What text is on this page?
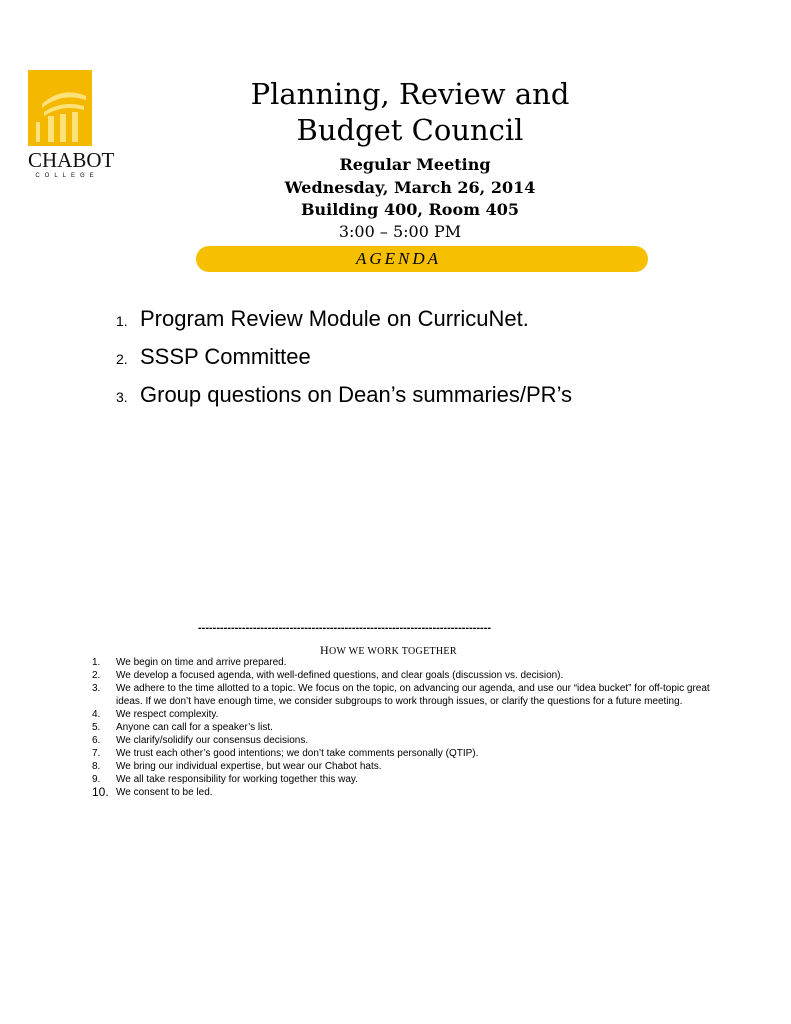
CHABOT
COLLEGE
Planning, Review and
Budget Council
Regular Meeting
Wednesday, March 26, 2014
Building 400, Room 405
3:00 – 5:00 PM
AGENDA
1. Program Review Module on CurricuNet.
2. SSSP Committee
3. Group questions on Dean’s summaries/PR’s
--------------------------------------------------------------------------------
HOW WE WORK TOGETHER
1. We begin on time and arrive prepared.
2. We develop a focused agenda, with well-defined questions, and clear goals (discussion vs. decision).
3. We adhere to the time allotted to a topic. We focus on the topic, on advancing our agenda, and use our “idea bucket” for off-topic great ideas. If we don’t have enough time, we consider subgroups to work through issues, or clarify the questions for a future meeting.
4. We respect complexity.
5. Anyone can call for a speaker’s list.
6. We clarify/solidify our consensus decisions.
7. We trust each other’s good intentions; we don’t take comments personally (QTIP).
8. We bring our individual expertise, but wear our Chabot hats.
9. We all take responsibility for working together this way.
10. We consent to be led.
